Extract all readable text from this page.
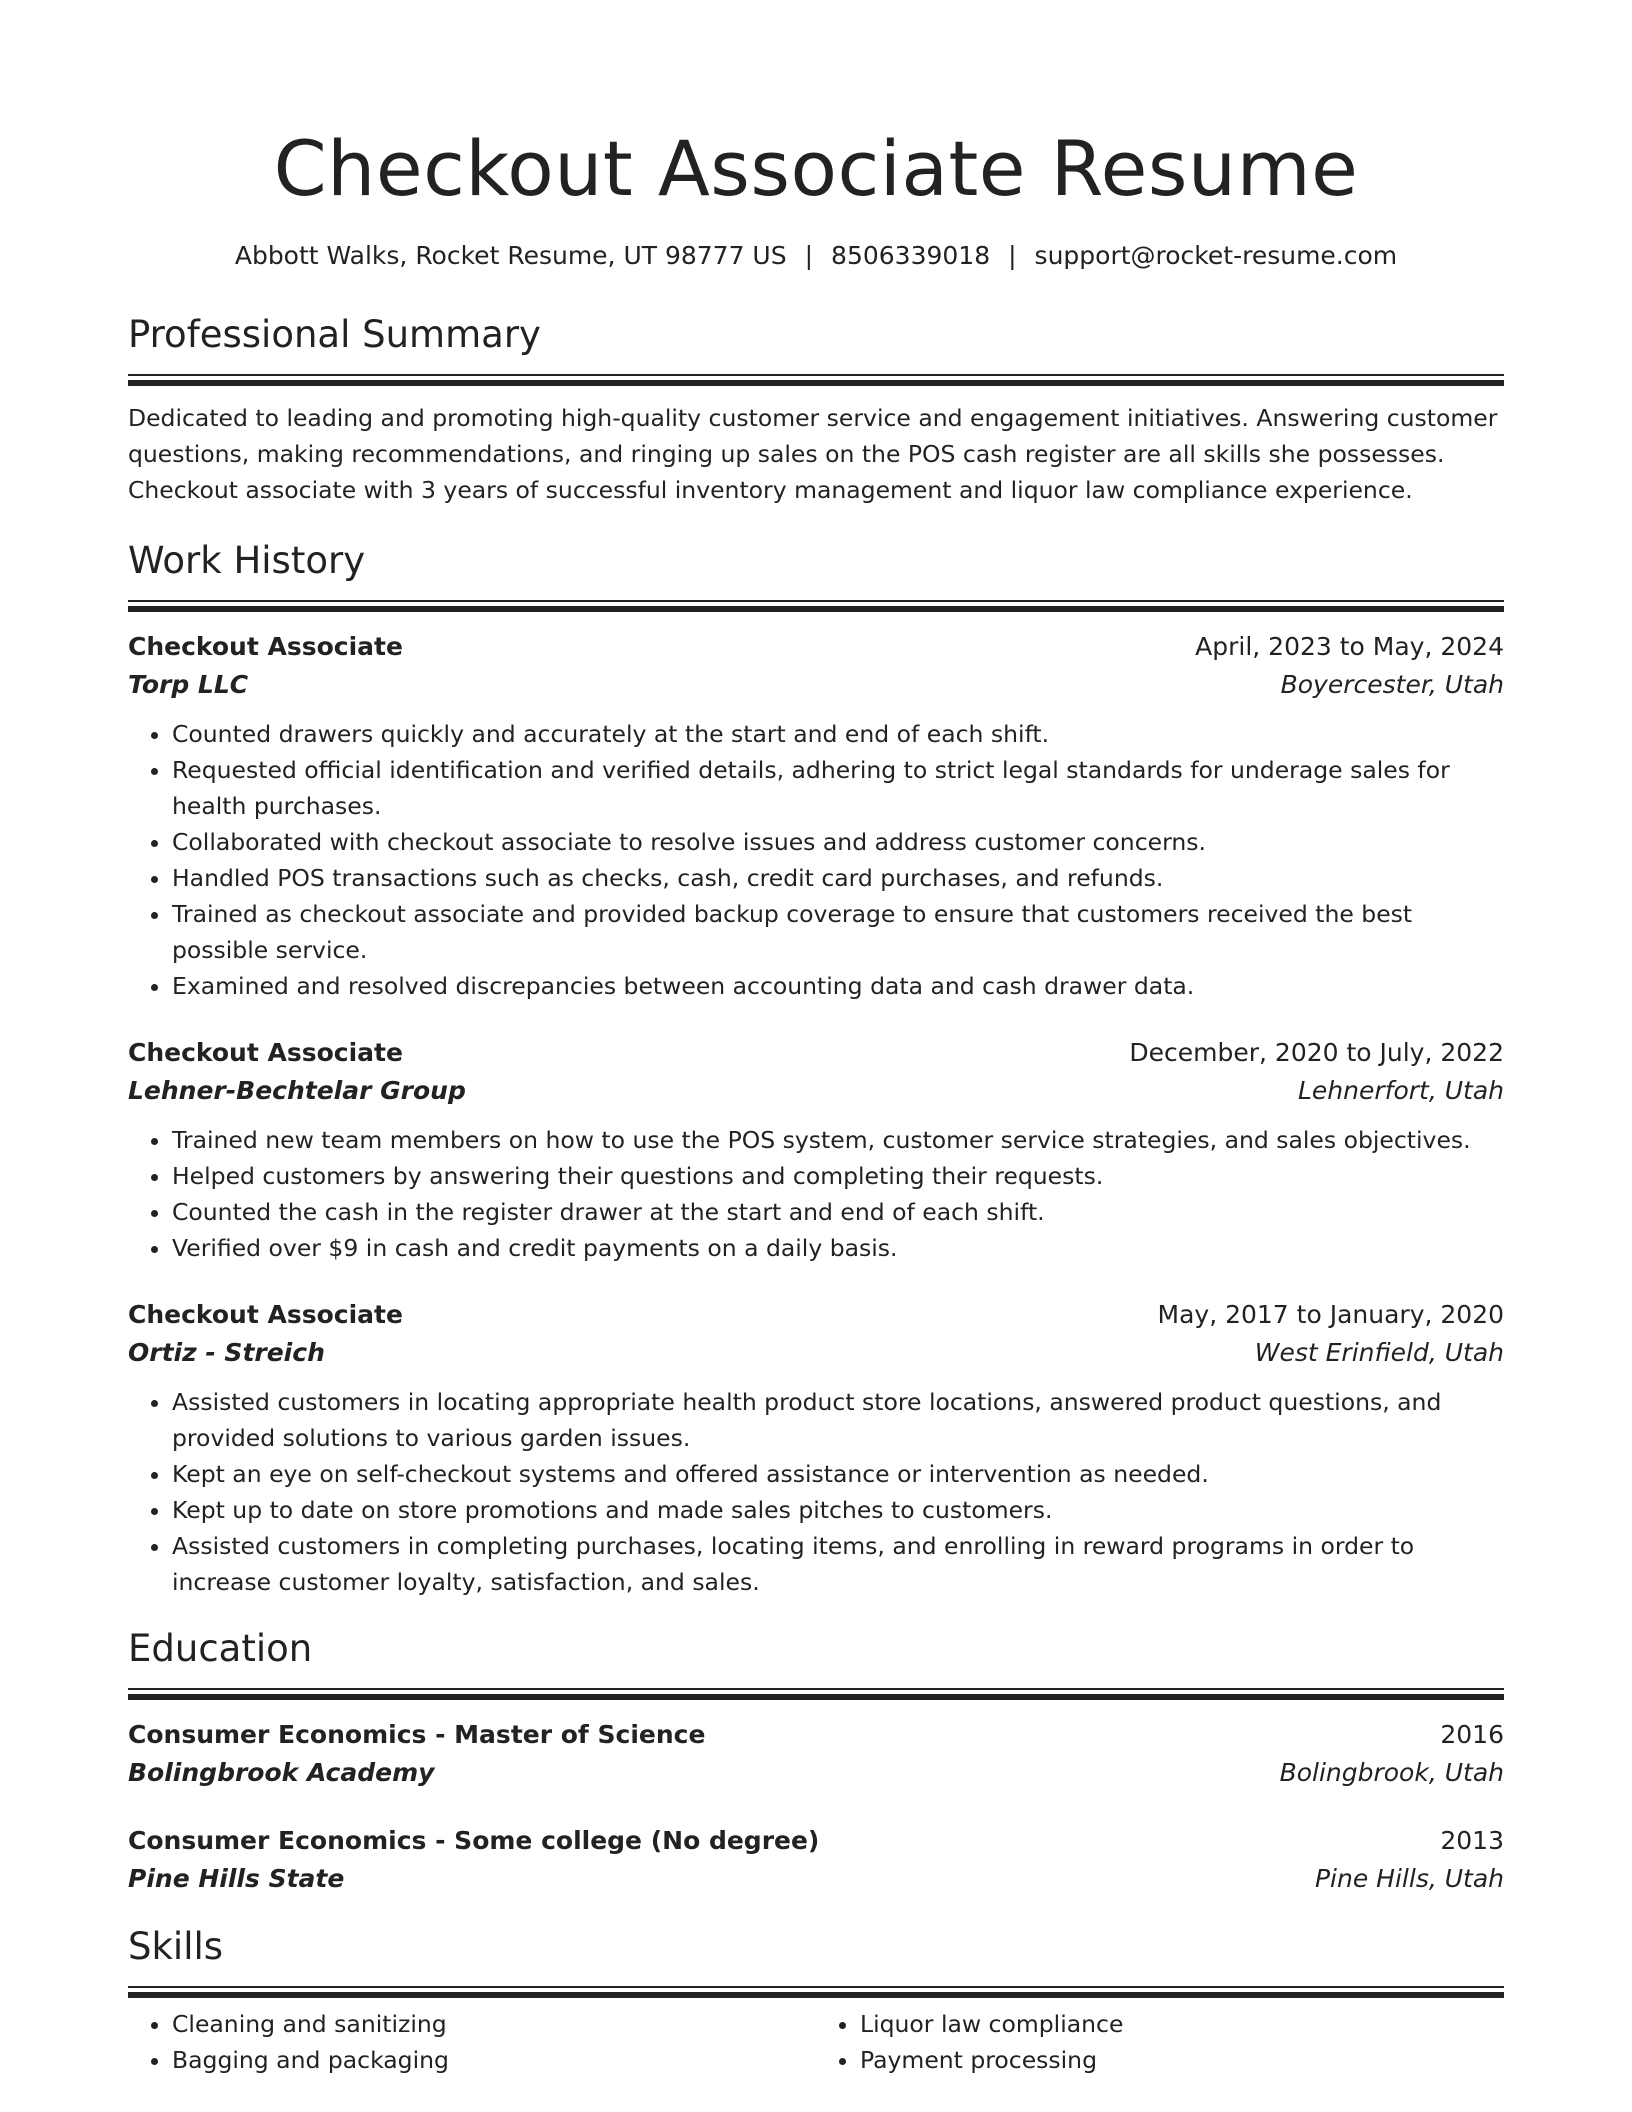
Checkout Associate Resume
Abbott Walks, Rocket Resume, UT 98777 US | 8506339018 | support@rocket-resume.com
Professional Summary
Dedicated to leading and promoting high-quality customer service and engagement initiatives. Answering customer questions, making recommendations, and ringing up sales on the POS cash register are all skills she possesses. Checkout associate with 3 years of successful inventory management and liquor law compliance experience.
Work History
Checkout Associate	April, 2023 to May, 2024
Torp LLC	Boyercester, Utah
• Counted drawers quickly and accurately at the start and end of each shift.
• Requested official identification and verified details, adhering to strict legal standards for underage sales for health purchases.
• Collaborated with checkout associate to resolve issues and address customer concerns.
• Handled POS transactions such as checks, cash, credit card purchases, and refunds.
• Trained as checkout associate and provided backup coverage to ensure that customers received the best possible service.
• Examined and resolved discrepancies between accounting data and cash drawer data.
Checkout Associate	December, 2020 to July, 2022
Lehner-Bechtelar Group	Lehnerfort, Utah
• Trained new team members on how to use the POS system, customer service strategies, and sales objectives.
• Helped customers by answering their questions and completing their requests.
• Counted the cash in the register drawer at the start and end of each shift.
• Verified over $9 in cash and credit payments on a daily basis.
Checkout Associate	May, 2017 to January, 2020
Ortiz - Streich	West Erinfield, Utah
• Assisted customers in locating appropriate health product store locations, answered product questions, and provided solutions to various garden issues.
• Kept an eye on self-checkout systems and offered assistance or intervention as needed.
• Kept up to date on store promotions and made sales pitches to customers.
• Assisted customers in completing purchases, locating items, and enrolling in reward programs in order to increase customer loyalty, satisfaction, and sales.
Education
Consumer Economics - Master of Science	2016
Bolingbrook Academy	Bolingbrook, Utah
Consumer Economics - Some college (No degree)	2013
Pine Hills State	Pine Hills, Utah
Skills
• Cleaning and sanitizing
• Bagging and packaging
• Liquor law compliance
• Payment processing
